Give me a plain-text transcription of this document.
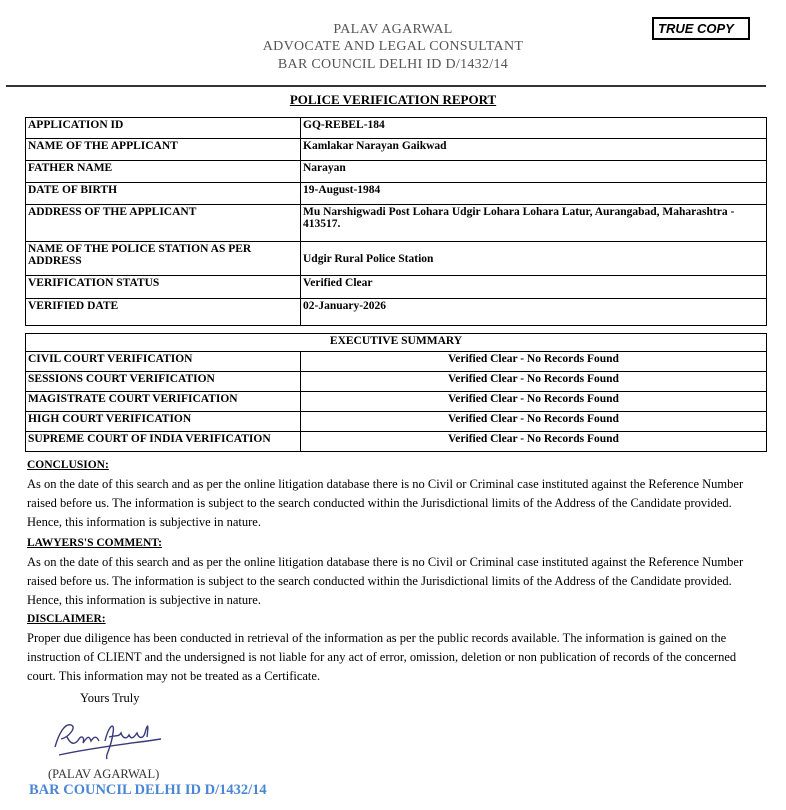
PALAV AGARWAL
ADVOCATE AND LEGAL CONSULTANT
BAR COUNCIL DELHI ID D/1432/14
TRUE COPY
POLICE VERIFICATION REPORT
APPLICATION ID	GQ-REBEL-184
NAME OF THE APPLICANT	Kamlakar Narayan Gaikwad
FATHER NAME	Narayan
DATE OF BIRTH	19-August-1984
ADDRESS OF THE APPLICANT	Mu Narshigwadi Post Lohara Udgir Lohara Lohara Latur, Aurangabad, Maharashtra - 413517.
NAME OF THE POLICE STATION AS PER ADDRESS	Udgir Rural Police Station
VERIFICATION STATUS	Verified Clear
VERIFIED DATE	02-January-2026
EXECUTIVE SUMMARY	
CIVIL COURT VERIFICATION	Verified Clear - No Records Found
SESSIONS COURT VERIFICATION	Verified Clear - No Records Found
MAGISTRATE COURT VERIFICATION	Verified Clear - No Records Found
HIGH COURT VERIFICATION	Verified Clear - No Records Found
SUPREME COURT OF INDIA VERIFICATION	Verified Clear - No Records Found
CONCLUSION:
As on the date of this search and as per the online litigation database there is no Civil or Criminal case instituted against the Reference Number raised before us. The information is subject to the search conducted within the Jurisdictional limits of the Address of the Candidate provided. Hence, this information is subjective in nature.
LAWYERS'S COMMENT:
As on the date of this search and as per the online litigation database there is no Civil or Criminal case instituted against the Reference Number raised before us. The information is subject to the search conducted within the Jurisdictional limits of the Address of the Candidate provided. Hence, this information is subjective in nature.
DISCLAIMER:
Proper due diligence has been conducted in retrieval of the information as per the public records available. The information is gained on the instruction of CLIENT and the undersigned is not liable for any act of error, omission, deletion or non publication of records of the concerned court. This information may not be treated as a Certificate.
Yours Truly
(PALAV AGARWAL)
BAR COUNCIL DELHI ID D/1432/14
